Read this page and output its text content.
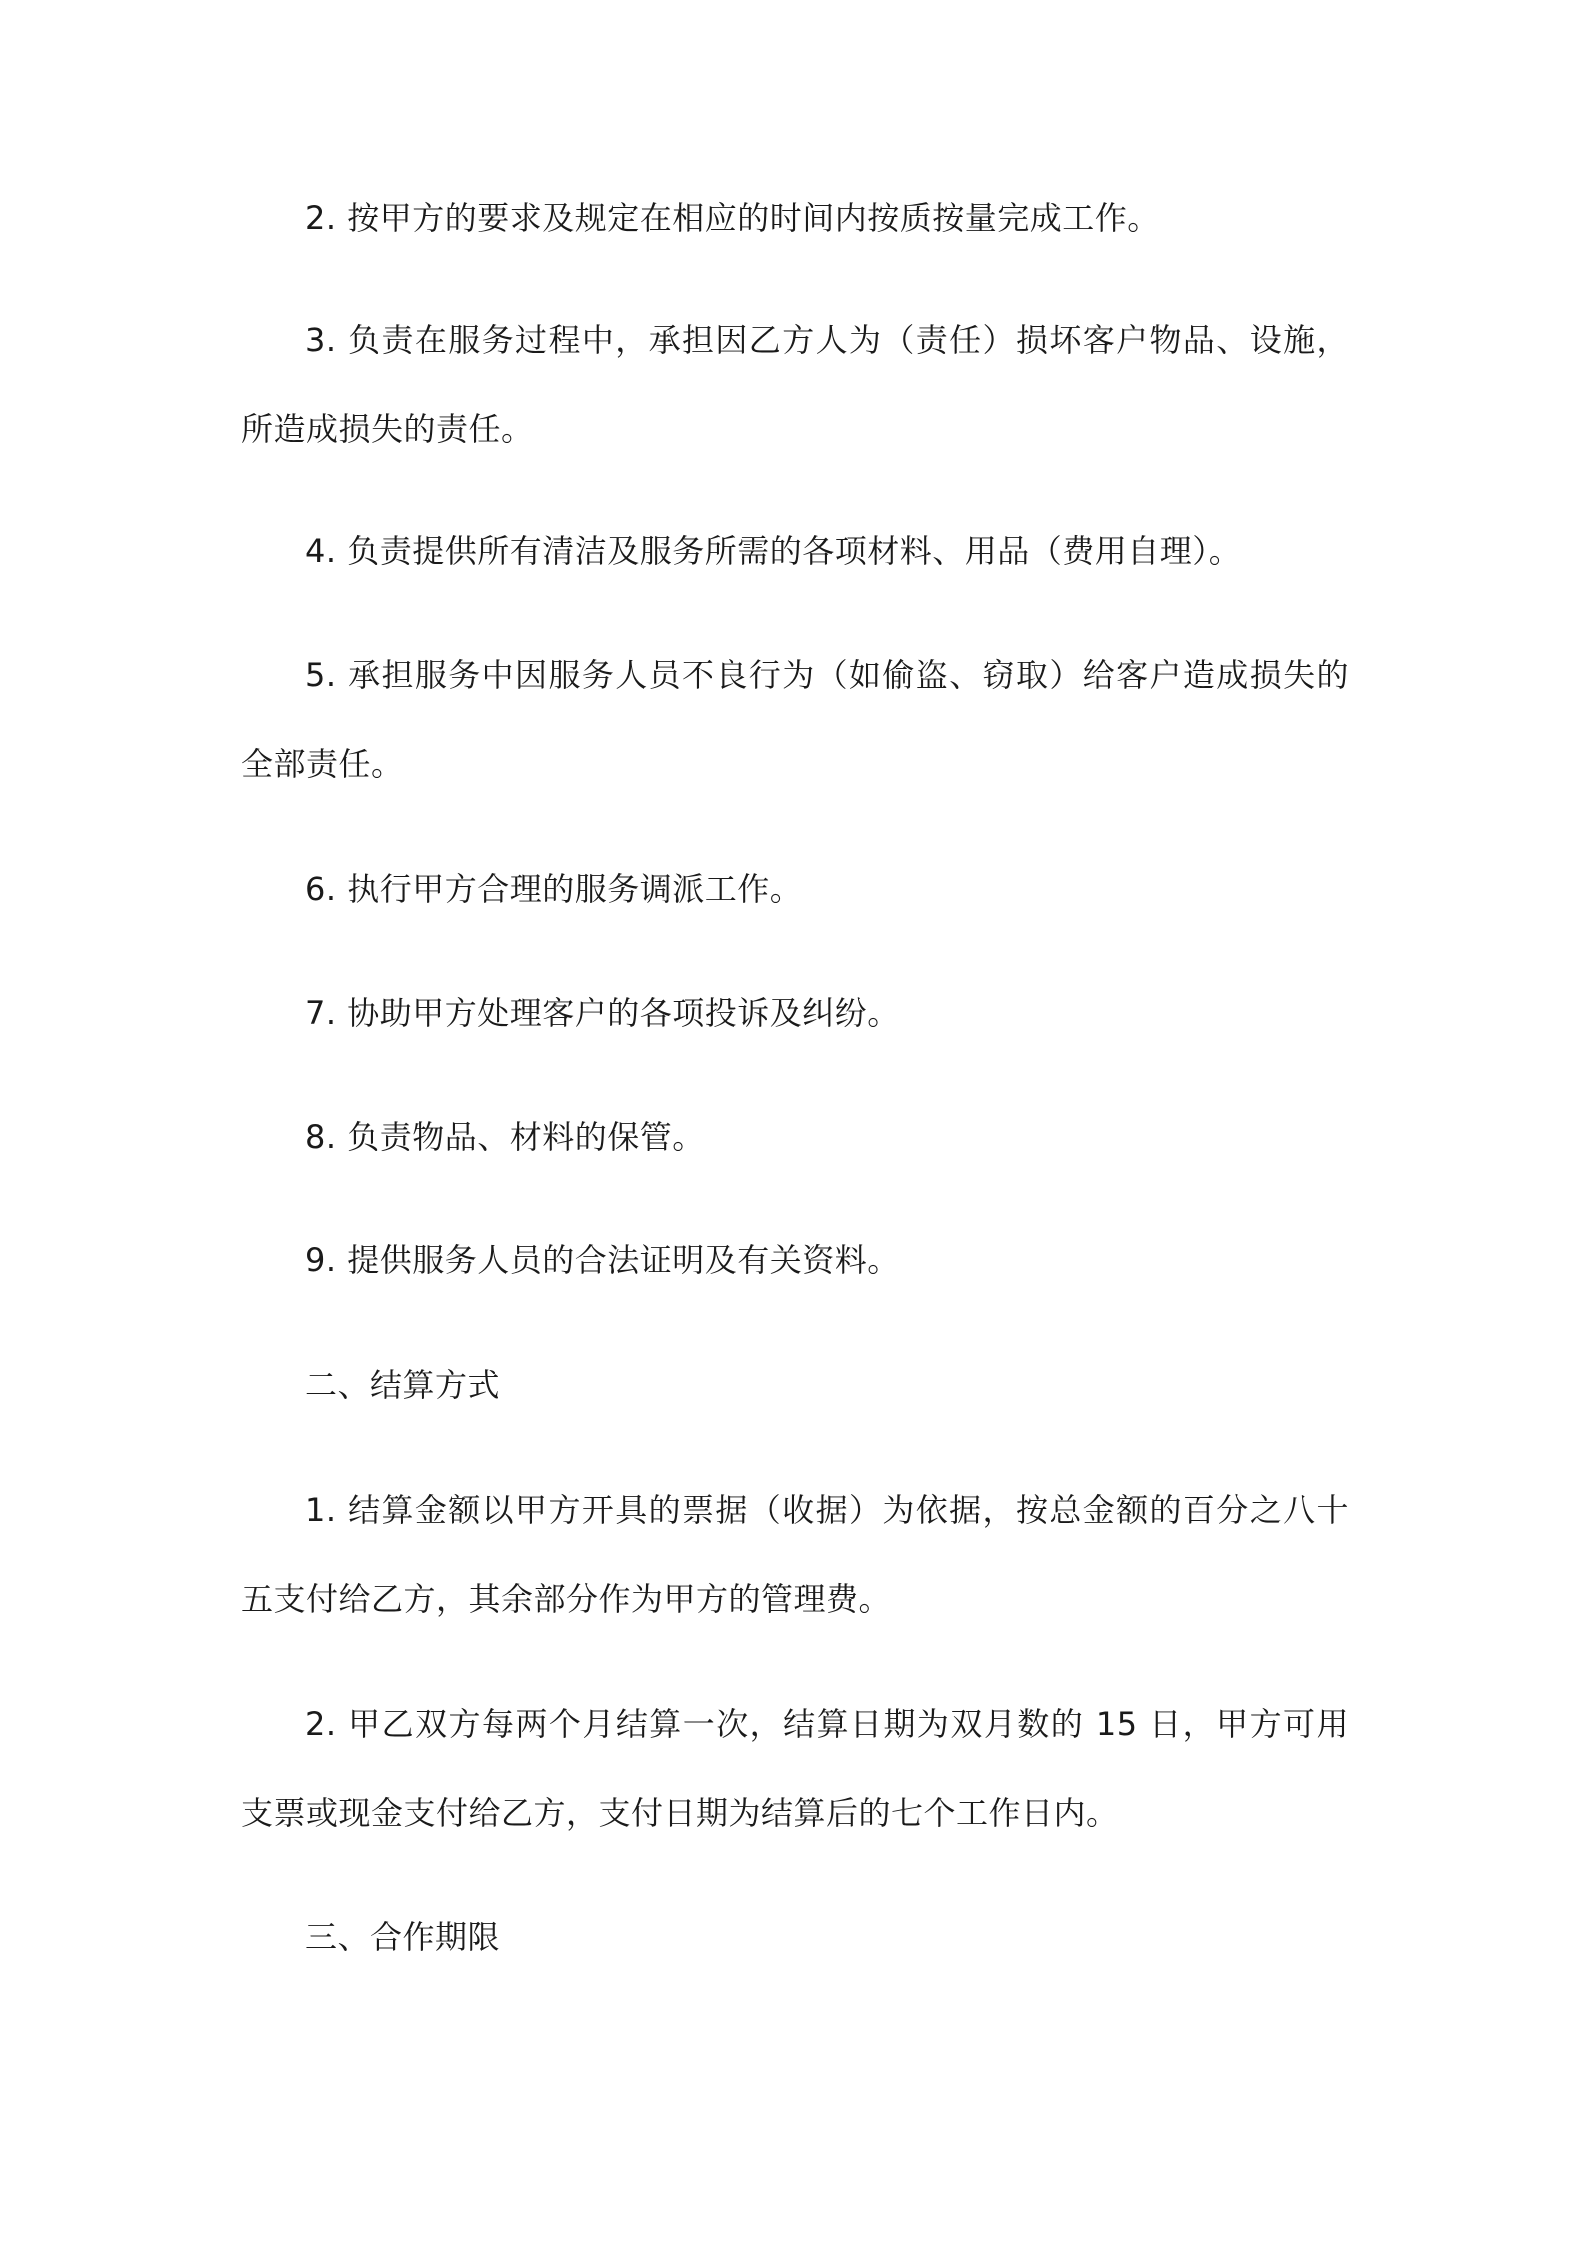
2. 按甲方的要求及规定在相应的时间内按质按量完成工作。

3. 负责在服务过程中，承担因乙方人为（责任）损坏客户物品、设施，所造成损失的责任。

4. 负责提供所有清洁及服务所需的各项材料、用品（费用自理）。

5. 承担服务中因服务人员不良行为（如偷盗、窃取）给客户造成损失的全部责任。

6. 执行甲方合理的服务调派工作。

7. 协助甲方处理客户的各项投诉及纠纷。

8. 负责物品、材料的保管。

9. 提供服务人员的合法证明及有关资料。

二、结算方式

1. 结算金额以甲方开具的票据（收据）为依据，按总金额的百分之八十五支付给乙方，其余部分作为甲方的管理费。

2. 甲乙双方每两个月结算一次，结算日期为双月数的 15 日，甲方可用支票或现金支付给乙方，支付日期为结算后的七个工作日内。

三、合作期限
